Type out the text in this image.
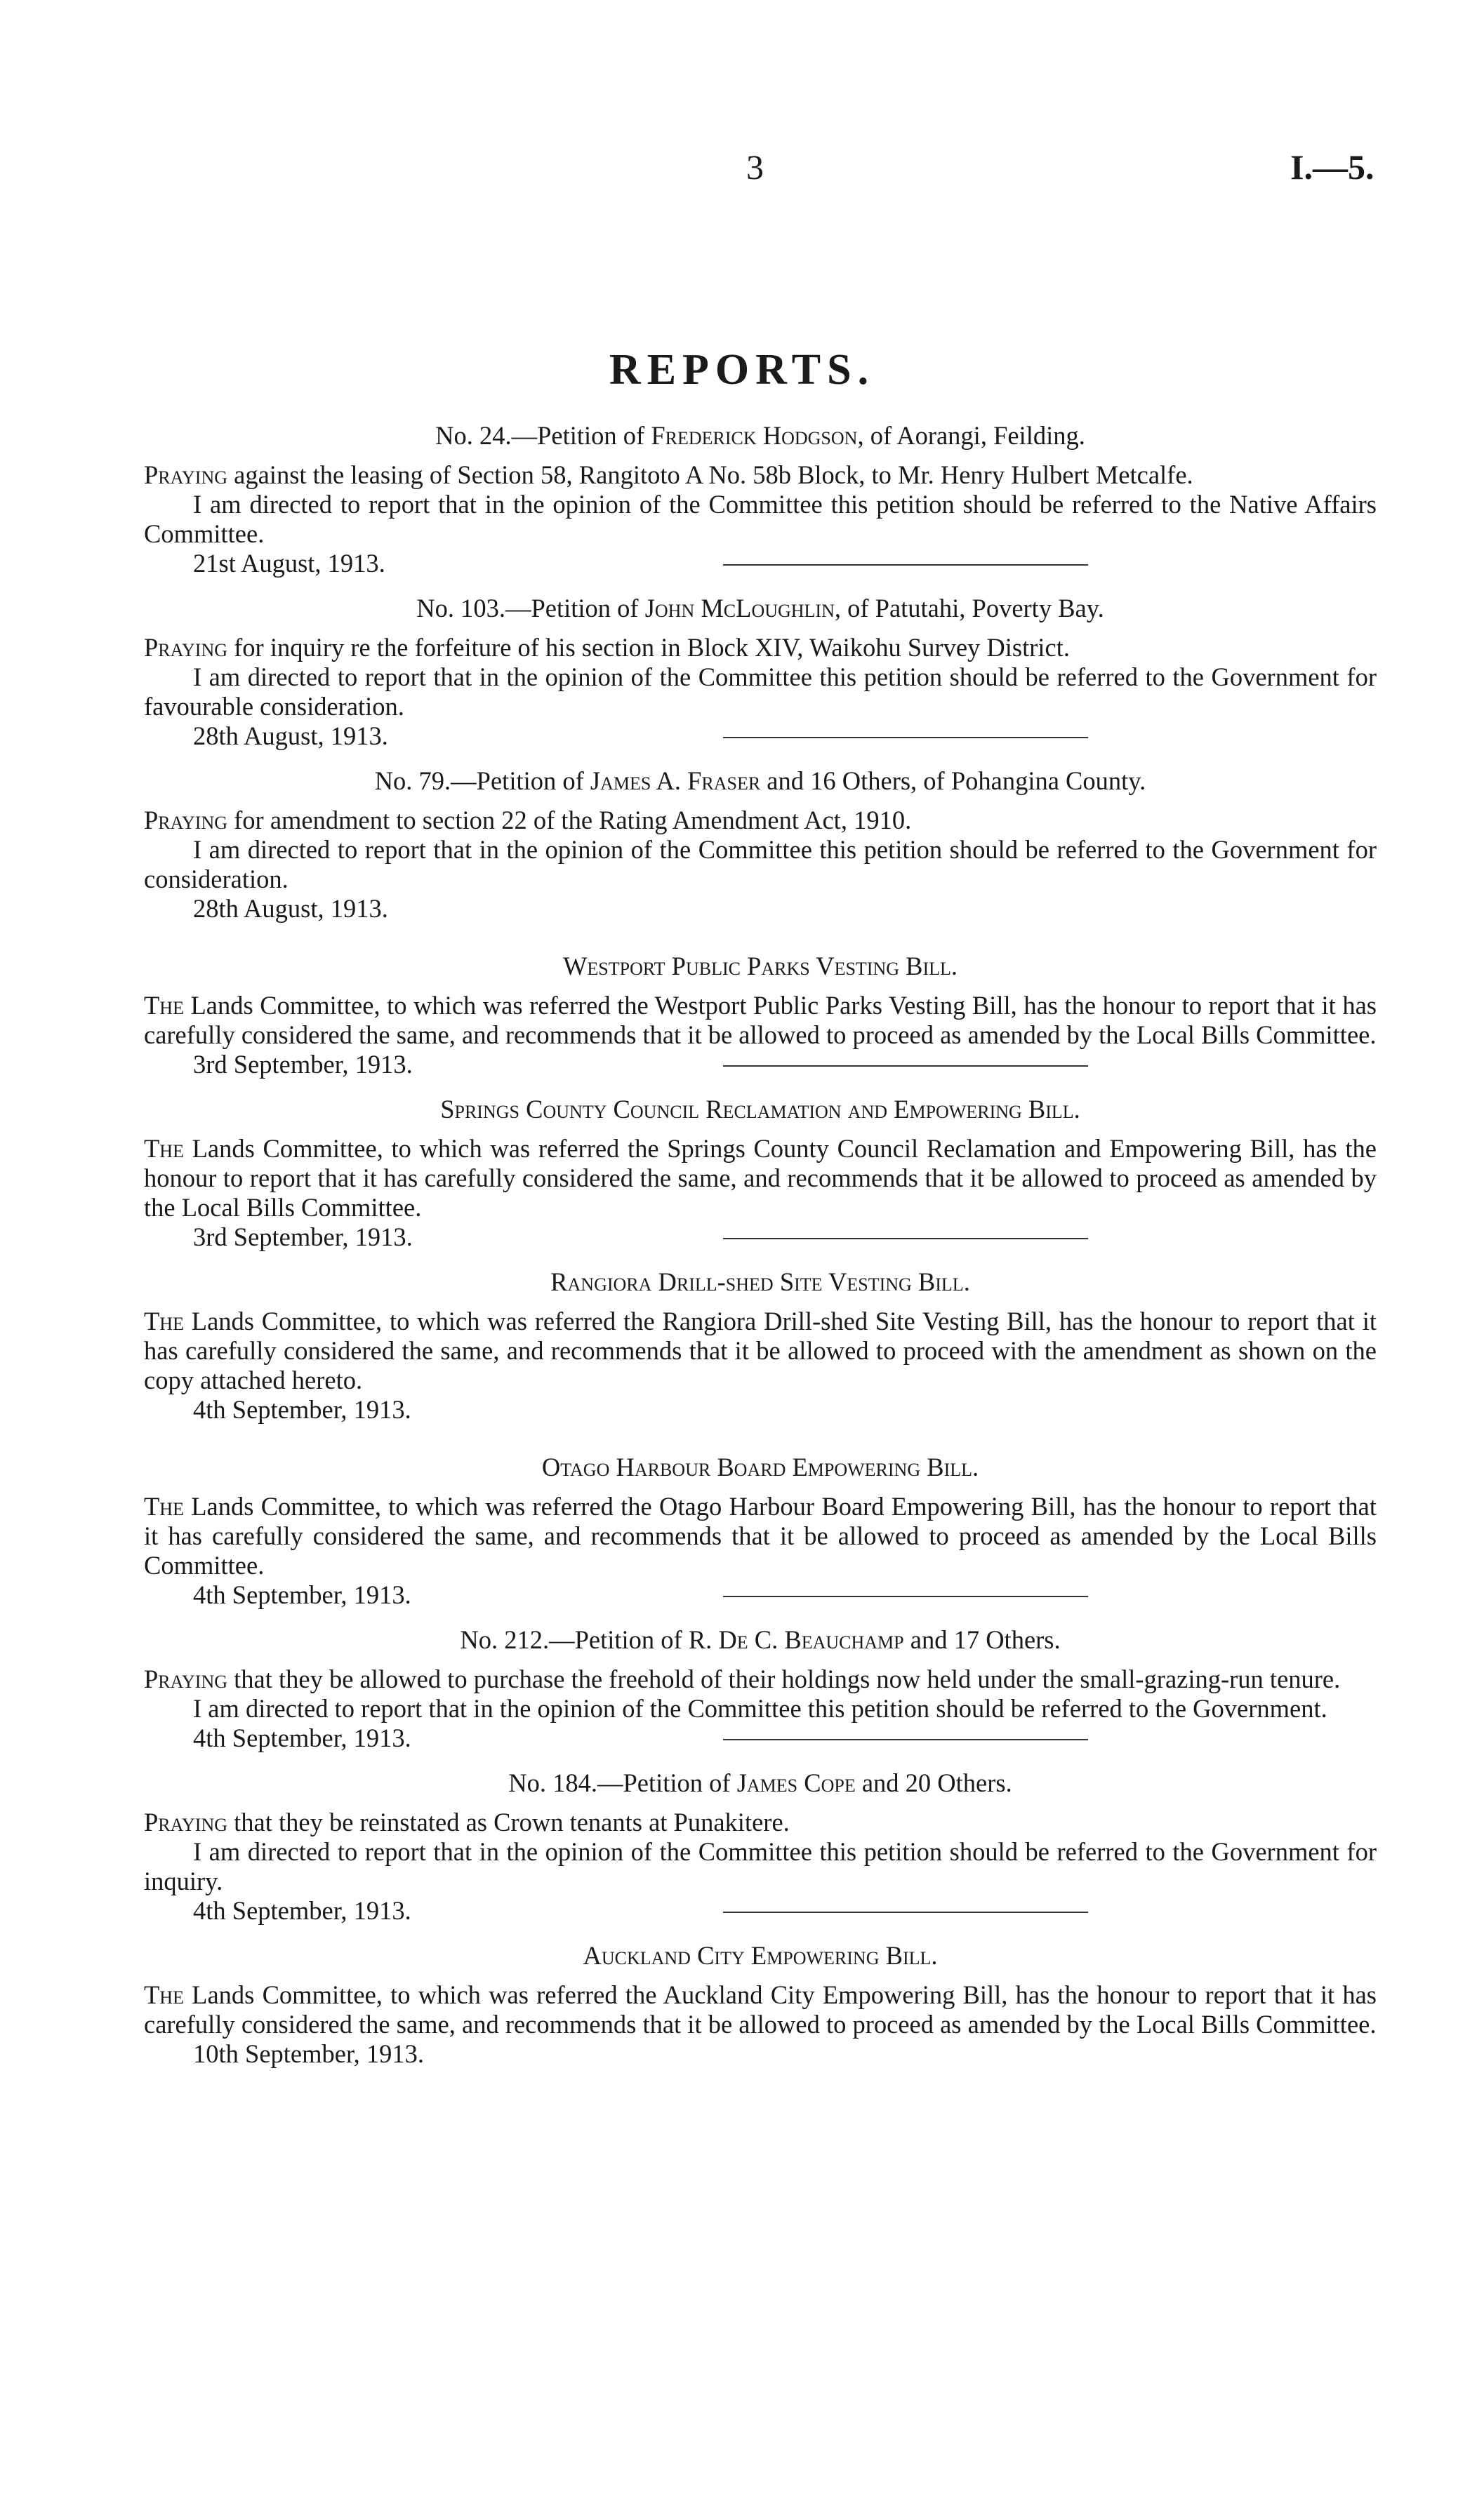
3	I.—5.
REPORTS.

No. 24.—Petition of Frederick Hodgson, of Aorangi, Feilding.

Praying against the leasing of Section 58, Rangitoto A No. 58b Block, to Mr. Henry Hulbert Metcalfe.

I am directed to report that in the opinion of the Committee this petition should be referred to the Native Affairs Committee.

21st August, 1913.

No. 103.—Petition of John McLoughlin, of Patutahi, Poverty Bay.

Praying for inquiry re the forfeiture of his section in Block XIV, Waikohu Survey District.

I am directed to report that in the opinion of the Committee this petition should be referred to the Government for favourable consideration.

28th August, 1913.

No. 79.—Petition of James A. Fraser and 16 Others, of Pohangina County.

Praying for amendment to section 22 of the Rating Amendment Act, 1910.

I am directed to report that in the opinion of the Committee this petition should be referred to the Government for consideration.

28th August, 1913.

Westport Public Parks Vesting Bill.

The Lands Committee, to which was referred the Westport Public Parks Vesting Bill, has the honour to report that it has carefully considered the same, and recommends that it be allowed to proceed as amended by the Local Bills Committee.

3rd September, 1913.

Springs County Council Reclamation and Empowering Bill.

The Lands Committee, to which was referred the Springs County Council Reclamation and Empowering Bill, has the honour to report that it has carefully considered the same, and recommends that it be allowed to proceed as amended by the Local Bills Committee.

3rd September, 1913.

Rangiora Drill-shed Site Vesting Bill.

The Lands Committee, to which was referred the Rangiora Drill-shed Site Vesting Bill, has the honour to report that it has carefully considered the same, and recommends that it be allowed to proceed with the amendment as shown on the copy attached hereto.

4th September, 1913.

Otago Harbour Board Empowering Bill.

The Lands Committee, to which was referred the Otago Harbour Board Empowering Bill, has the honour to report that it has carefully considered the same, and recommends that it be allowed to proceed as amended by the Local Bills Committee.

4th September, 1913.

No. 212.—Petition of R. De C. Beauchamp and 17 Others.

Praying that they be allowed to purchase the freehold of their holdings now held under the small-grazing-run tenure.

I am directed to report that in the opinion of the Committee this petition should be referred to the Government.

4th September, 1913.

No. 184.—Petition of James Cope and 20 Others.

Praying that they be reinstated as Crown tenants at Punakitere.

I am directed to report that in the opinion of the Committee this petition should be referred to the Government for inquiry.

4th September, 1913.

Auckland City Empowering Bill.

The Lands Committee, to which was referred the Auckland City Empowering Bill, has the honour to report that it has carefully considered the same, and recommends that it be allowed to proceed as amended by the Local Bills Committee.

10th September, 1913.
